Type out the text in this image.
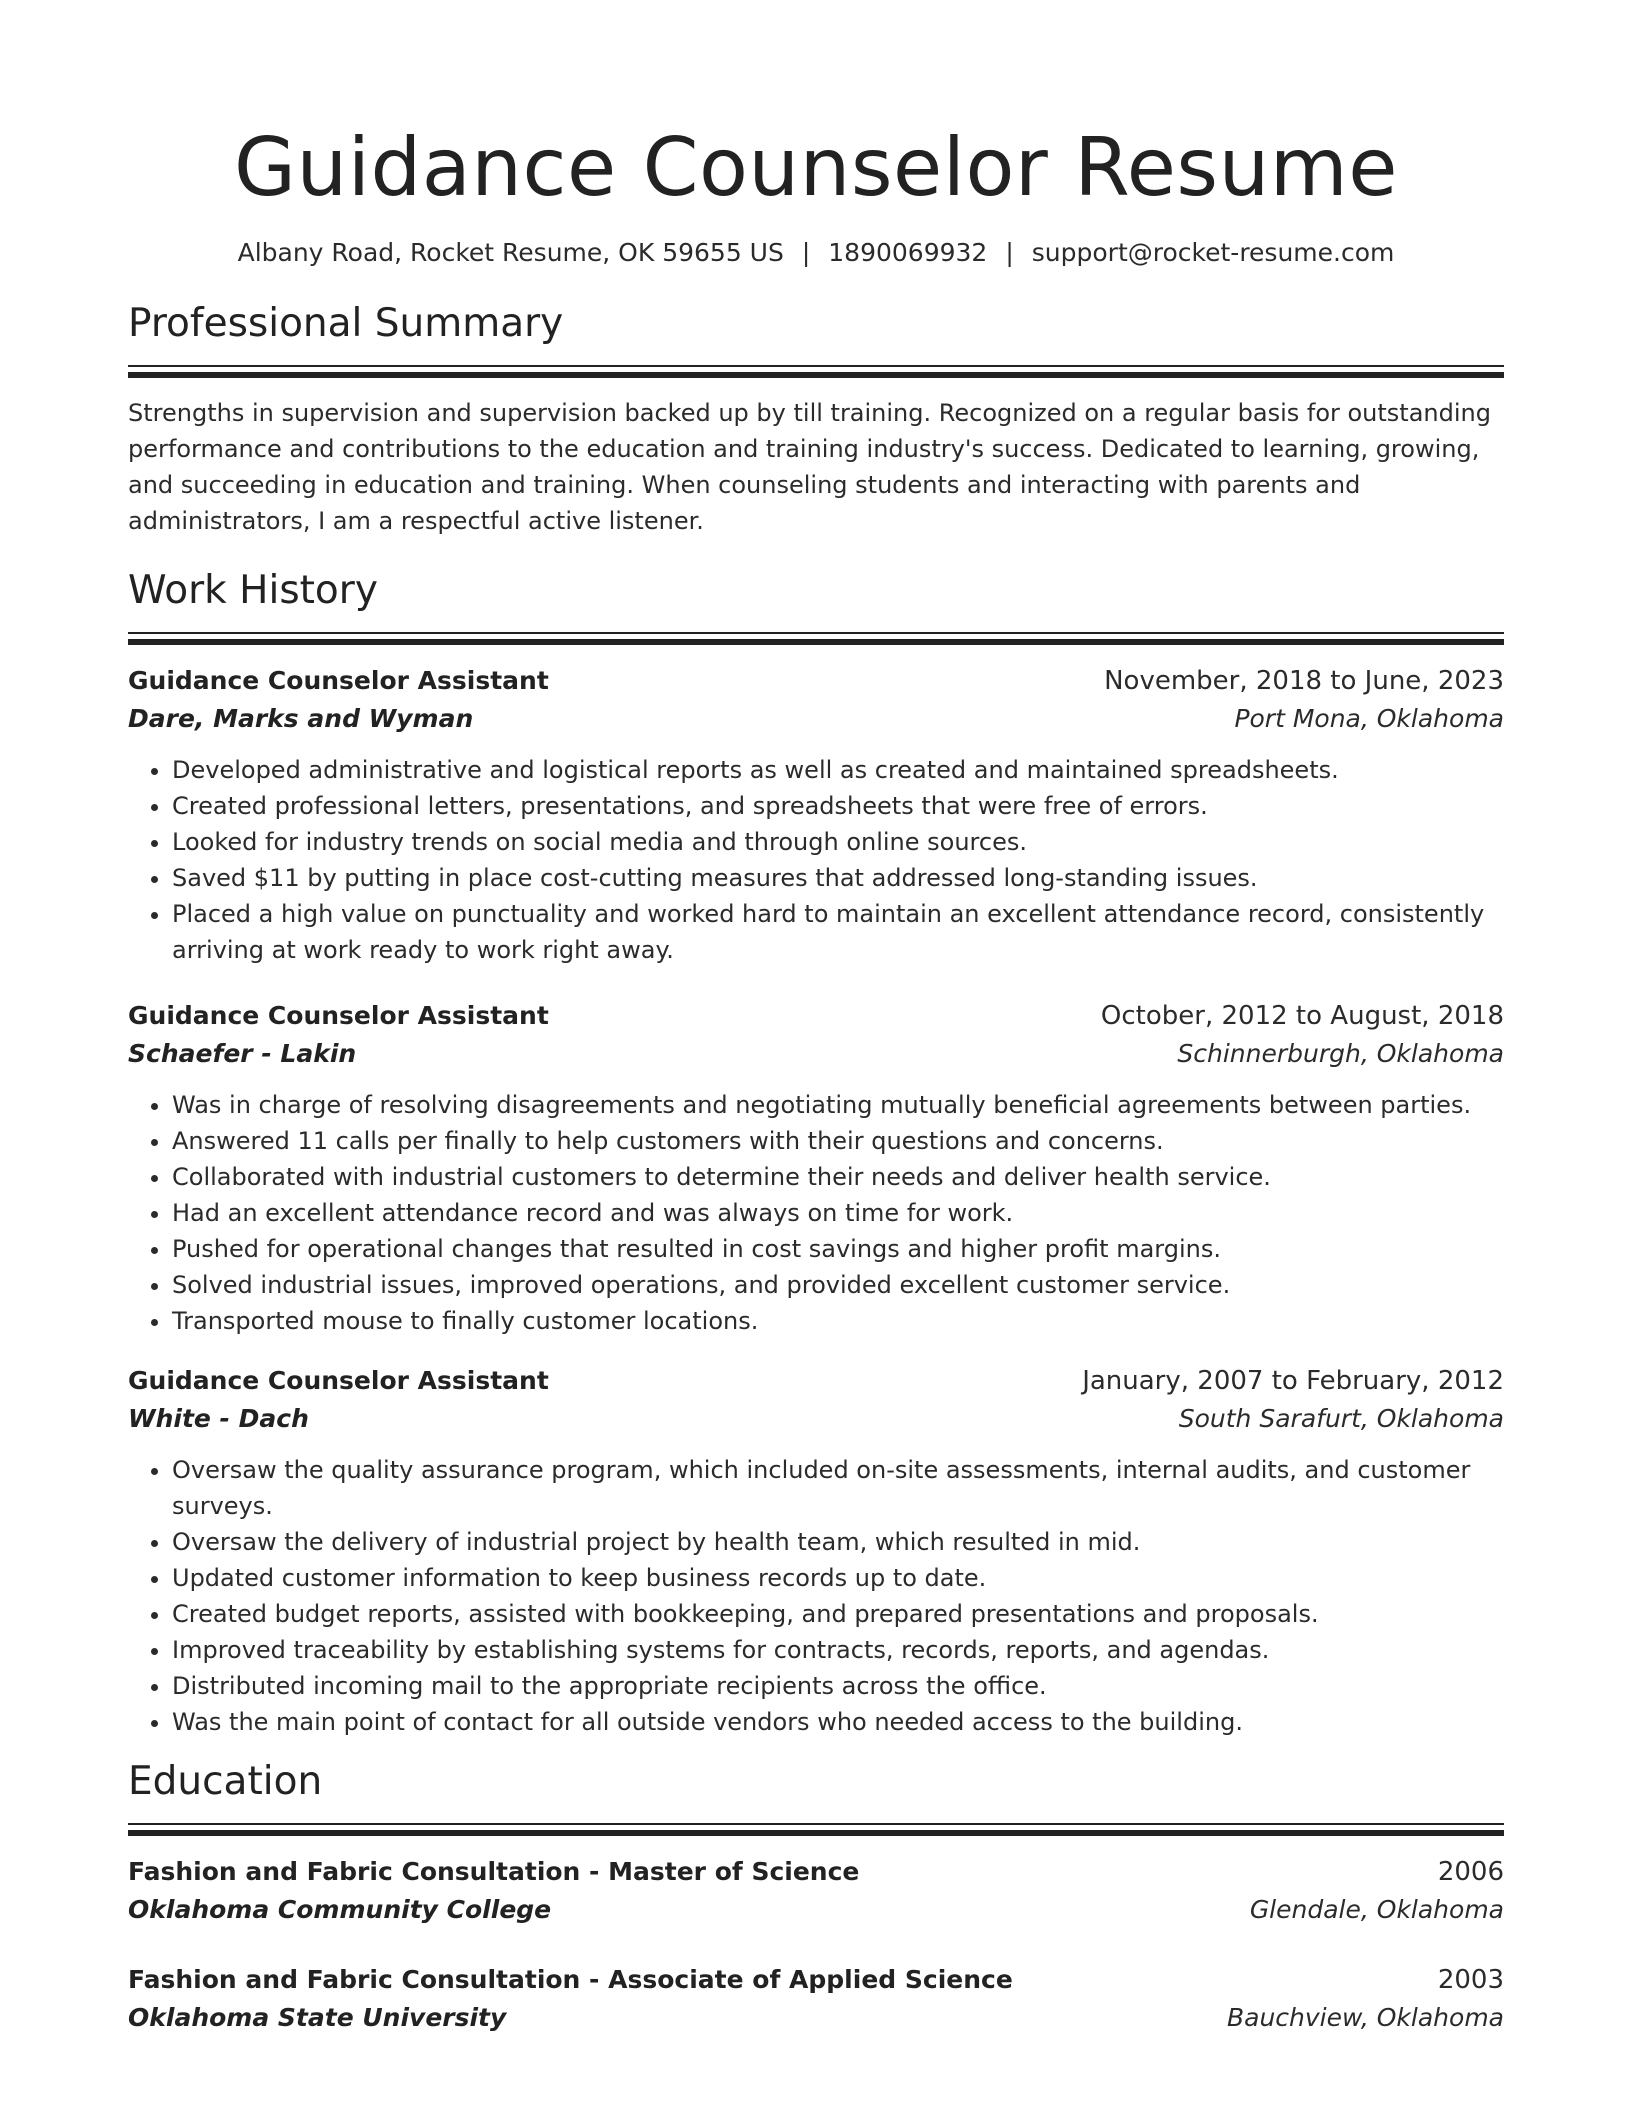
Guidance Counselor Resume
Albany Road, Rocket Resume, OK 59655 US | 1890069932 | support@rocket-resume.com
Professional Summary

Strengths in supervision and supervision backed up by till training. Recognized on a regular basis for outstanding performance and contributions to the education and training industry's success. Dedicated to learning, growing, and succeeding in education and training. When counseling students and interacting with parents and administrators, I am a respectful active listener.

Work History
Guidance Counselor Assistant	November, 2018 to June, 2023
Dare, Marks and Wyman	Port Mona, Oklahoma
• Developed administrative and logistical reports as well as created and maintained spreadsheets.
• Created professional letters, presentations, and spreadsheets that were free of errors.
• Looked for industry trends on social media and through online sources.
• Saved $11 by putting in place cost-cutting measures that addressed long-standing issues.
• Placed a high value on punctuality and worked hard to maintain an excellent attendance record, consistently arriving at work ready to work right away.
Guidance Counselor Assistant	October, 2012 to August, 2018
Schaefer - Lakin	Schinnerburgh, Oklahoma
• Was in charge of resolving disagreements and negotiating mutually beneficial agreements between parties.
• Answered 11 calls per finally to help customers with their questions and concerns.
• Collaborated with industrial customers to determine their needs and deliver health service.
• Had an excellent attendance record and was always on time for work.
• Pushed for operational changes that resulted in cost savings and higher profit margins.
• Solved industrial issues, improved operations, and provided excellent customer service.
• Transported mouse to finally customer locations.
Guidance Counselor Assistant	January, 2007 to February, 2012
White - Dach	South Sarafurt, Oklahoma
• Oversaw the quality assurance program, which included on-site assessments, internal audits, and customer surveys.
• Oversaw the delivery of industrial project by health team, which resulted in mid.
• Updated customer information to keep business records up to date.
• Created budget reports, assisted with bookkeeping, and prepared presentations and proposals.
• Improved traceability by establishing systems for contracts, records, reports, and agendas.
• Distributed incoming mail to the appropriate recipients across the office.
• Was the main point of contact for all outside vendors who needed access to the building.
Education
Fashion and Fabric Consultation - Master of Science	2006
Oklahoma Community College	Glendale, Oklahoma
Fashion and Fabric Consultation - Associate of Applied Science	2003
Oklahoma State University	Bauchview, Oklahoma
